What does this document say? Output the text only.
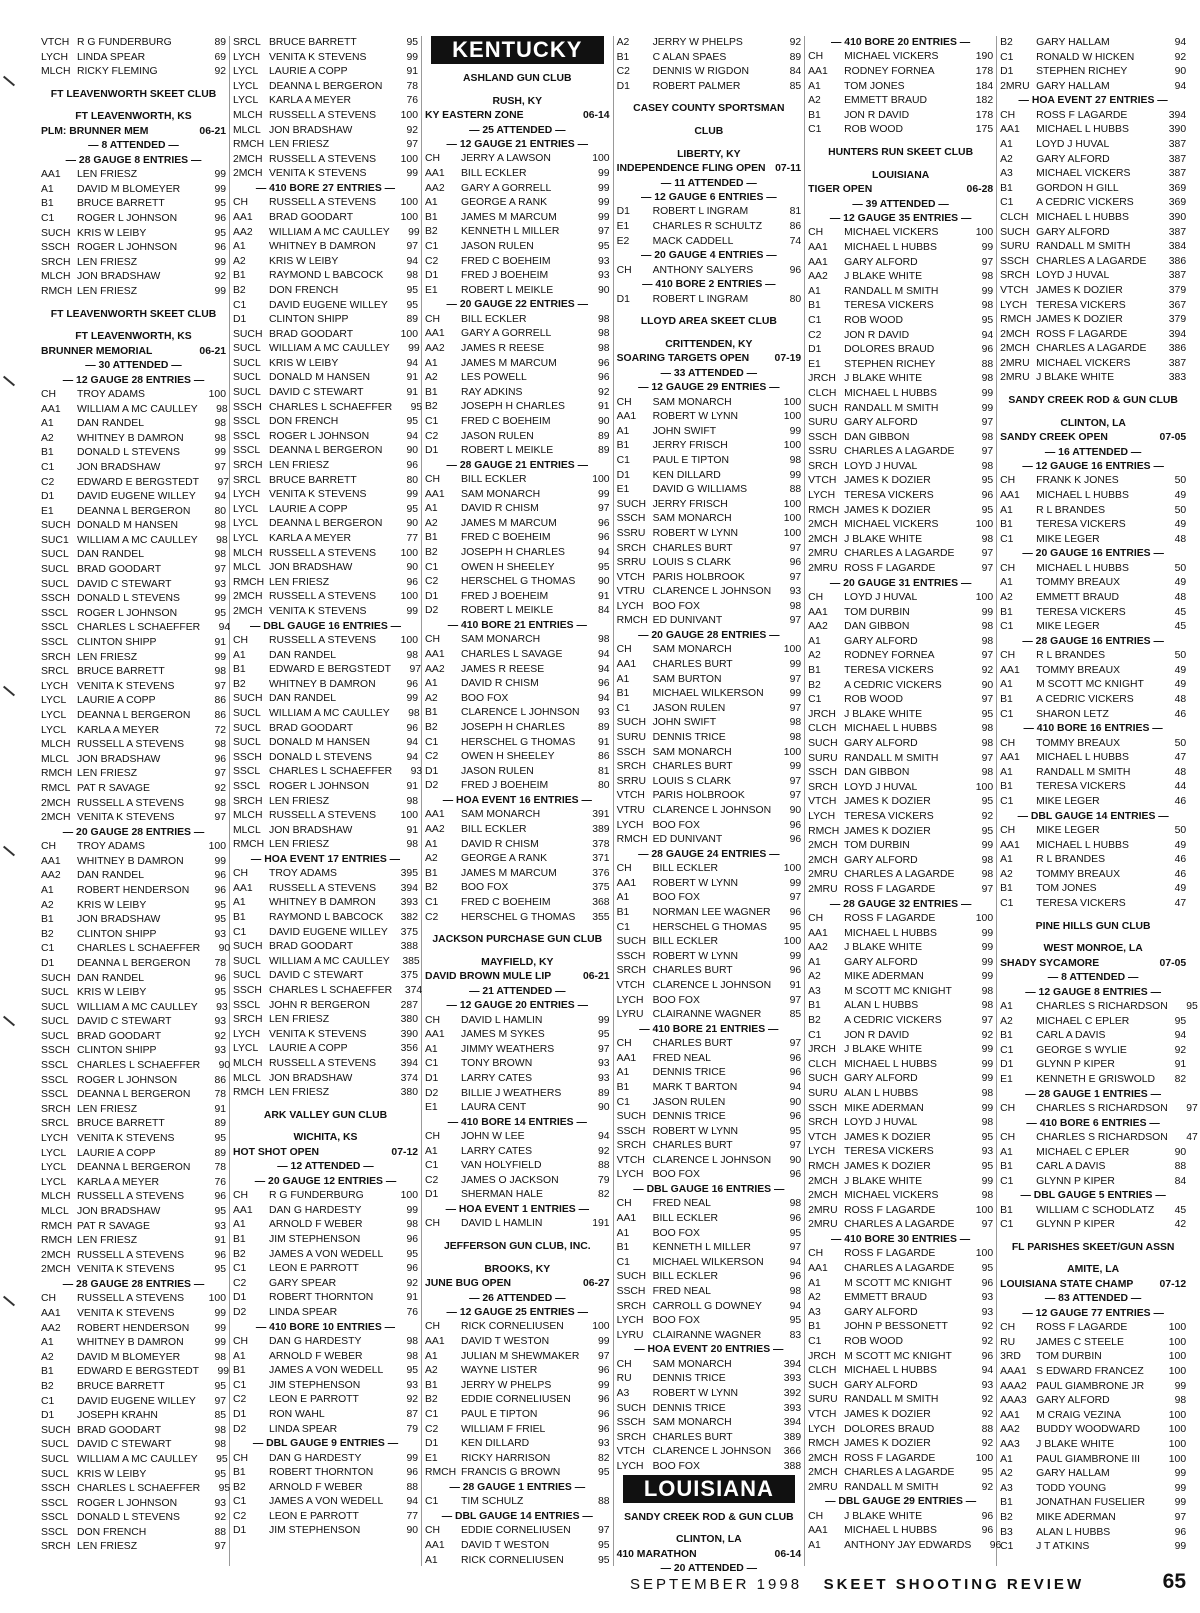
VTCH R G FUNDERBURG	89
LYCH LINDA SPEAR	69
MLCH RICKY FLEMING	92
FT LEAVENWORTH SKEET CLUB
FT LEAVENWORTH, KS
PLM: BRUNNER MEM	06-21
— 8 ATTENDED —
— 28 GAUGE 8 ENTRIES —
AA1	LEN FRIESZ	99
A1	DAVID M BLOMEYER	99
B1	BRUCE BARRETT	95
C1	ROGER L JOHNSON	96
SUCH KRIS W LEIBY	95
SSCH ROGER L JOHNSON	96
SRCH LEN FRIESZ	99
MLCH JON BRADSHAW	92
RMCH LEN FRIESZ	99
FT LEAVENWORTH SKEET CLUB
FT LEAVENWORTH, KS
BRUNNER MEMORIAL	06-21
— 30 ATTENDED —
— 12 GAUGE 28 ENTRIES —
CH	TROY ADAMS	100
AA1	WILLIAM A MC CAULLEY	98
A1	DAN RANDEL	98
A2	WHITNEY B DAMRON	98
B1	DONALD L STEVENS	99
C1	JON BRADSHAW	97
C2	EDWARD E BERGSTEDT	97
D1	DAVID EUGENE WILLEY	94
E1	DEANNA L BERGERON	80
SUCH DONALD M HANSEN	98
SUC1 WILLIAM A MC CAULLEY	98
SUCL DAN RANDEL	98
SUCL BRAD GOODART	97
SUCL DAVID C STEWART	93
SSCH DONALD L STEVENS	99
SSCL ROGER L JOHNSON	95
SSCL CHARLES L SCHAEFFER	94
SSCL CLINTON SHIPP	91
SRCH LEN FRIESZ	99
SRCL BRUCE BARRETT	98
LYCH VENITA K STEVENS	97
LYCL	LAURIE A COPP	86
LYCL	DEANNA L BERGERON	86
LYCL	KARLA A MEYER	72
MLCH RUSSELL A STEVENS	98
MLCL JON BRADSHAW	96
RMCH LEN FRIESZ	97
RMCL PAT R SAVAGE	92
2MCH RUSSELL A STEVENS	98
2MCH VENITA K STEVENS	97
— 20 GAUGE 28 ENTRIES —
CH	TROY ADAMS	100
AA1	WHITNEY B DAMRON	99
AA2	DAN RANDEL	96
A1	ROBERT HENDERSON	96
A2	KRIS W LEIBY	95
B1	JON BRADSHAW	95
B2	CLINTON SHIPP	93
C1	CHARLES L SCHAEFFER	90
D1	DEANNA L BERGERON	78
SUCH DAN RANDEL	96
SUCL KRIS W LEIBY	95
SUCL WILLIAM A MC CAULLEY	93
SUCL DAVID C STEWART	93
SUCL BRAD GOODART	92
SSCH CLINTON SHIPP	93
SSCL CHARLES L SCHAEFFER	90
SSCL ROGER L JOHNSON	86
SSCL DEANNA L BERGERON	78
SRCH LEN FRIESZ	91
SRCL BRUCE BARRETT	89
LYCH VENITA K STEVENS	95
LYCL	LAURIE A COPP	89
LYCL	DEANNA L BERGERON	78
LYCL	KARLA A MEYER	76
MLCH RUSSELL A STEVENS	96
MLCL JON BRADSHAW	95
RMCH PAT R SAVAGE	93
RMCH LEN FRIESZ	91
2MCH RUSSELL A STEVENS	96
2MCH VENITA K STEVENS	95
— 28 GAUGE 28 ENTRIES —
CH	RUSSELL A STEVENS	100
AA1	VENITA K STEVENS	99
AA2	ROBERT HENDERSON	99
A1	WHITNEY B DAMRON	99
A2	DAVID M BLOMEYER	98
B1	EDWARD E BERGSTEDT	99
B2	BRUCE BARRETT	95
C1	DAVID EUGENE WILLEY	97
D1	JOSEPH KRAHN	85
SUCH BRAD GOODART	98
SUCL DAVID C STEWART	98
SUCL WILLIAM A MC CAULLEY	95
SUCL KRIS W LEIBY	95
SSCH CHARLES L SCHAEFFER	95
SSCL ROGER L JOHNSON	93
SSCL DONALD L STEVENS	92
SSCL DON FRENCH	88
SRCH LEN FRIESZ	97
SRCL BRUCE BARRETT	95
LYCH VENITA K STEVENS	99
LYCL	LAURIE A COPP	91
LYCL	DEANNA L BERGERON	78
LYCL	KARLA A MEYER	76
MLCH RUSSELL A STEVENS	100
MLCL JON BRADSHAW	92
RMCH LEN FRIESZ	97
2MCH RUSSELL A STEVENS	100
2MCH VENITA K STEVENS	99
— 410 BORE 27 ENTRIES —
CH	RUSSELL A STEVENS	100
AA1	BRAD GOODART	100
AA2	WILLIAM A MC CAULLEY	99
A1	WHITNEY B DAMRON	97
A2	KRIS W LEIBY	94
B1	RAYMOND L BABCOCK	98
B2	DON FRENCH	95
C1	DAVID EUGENE WILLEY	95
D1	CLINTON SHIPP	89
SUCH BRAD GOODART	100
SUCL WILLIAM A MC CAULLEY	99
SUCL KRIS W LEIBY	94
SUCL DONALD M HANSEN	91
SUCL DAVID C STEWART	91
SSCH CHARLES L SCHAEFFER	95
SSCL DON FRENCH	95
SSCL ROGER L JOHNSON	94
SSCL DEANNA L BERGERON	90
SRCH LEN FRIESZ	96
SRCL BRUCE BARRETT	80
LYCH VENITA K STEVENS	99
LYCL	LAURIE A COPP	95
LYCL	DEANNA L BERGERON	90
LYCL	KARLA A MEYER	77
MLCH RUSSELL A STEVENS	100
MLCL JON BRADSHAW	90
RMCH LEN FRIESZ	96
2MCH RUSSELL A STEVENS	100
2MCH VENITA K STEVENS	99
— DBL GAUGE 16 ENTRIES —
CH	RUSSELL A STEVENS	100
A1	DAN RANDEL	98
B1	EDWARD E BERGSTEDT	97
B2	WHITNEY B DAMRON	96
SUCH DAN RANDEL	99
SUCL WILLIAM A MC CAULLEY	98
SUCL BRAD GOODART	96
SUCL DONALD M HANSEN	94
SSCH DONALD L STEVENS	94
SSCL CHARLES L SCHAEFFER	93
SSCL ROGER L JOHNSON	91
SRCH LEN FRIESZ	98
MLCH RUSSELL A STEVENS	100
MLCL JON BRADSHAW	91
RMCH LEN FRIESZ	98
— HOA EVENT 17 ENTRIES —
CH	TROY ADAMS	395
AA1	RUSSELL A STEVENS	394
A1	WHITNEY B DAMRON	393
B1	RAYMOND L BABCOCK	382
C1	DAVID EUGENE WILLEY	375
SUCH BRAD GOODART	388
SUCL WILLIAM A MC CAULLEY	385
SUCL DAVID C STEWART	375
SSCH CHARLES L SCHAEFFER	374
SSCL JOHN R BERGERON	287
SRCH LEN FRIESZ	380
LYCH VENITA K STEVENS	390
LYCL	LAURIE A COPP	356
MLCH RUSSELL A STEVENS	394
MLCL JON BRADSHAW	374
RMCH LEN FRIESZ	380
ARK VALLEY GUN CLUB
WICHITA, KS
HOT SHOT OPEN	07-12
— 12 ATTENDED —
— 20 GAUGE 12 ENTRIES —
CH	R G FUNDERBURG	100
AA1	DAN G HARDESTY	99
A1	ARNOLD F WEBER	98
B1	JIM STEPHENSON	96
B2	JAMES A VON WEDELL	95
C1	LEON E PARROTT	96
C2	GARY SPEAR	92
D1	ROBERT THORNTON	91
D2	LINDA SPEAR	76
— 410 BORE 10 ENTRIES —
CH	DAN G HARDESTY	98
A1	ARNOLD F WEBER	98
B1	JAMES A VON WEDELL	95
C1	JIM STEPHENSON	93
C2	LEON E PARROTT	92
D1	RON WAHL	87
D2	LINDA SPEAR	79
— DBL GAUGE 9 ENTRIES —
CH	DAN G HARDESTY	99
B1	ROBERT THORNTON	96
B2	ARNOLD F WEBER	88
C1	JAMES A VON WEDELL	94
C2	LEON E PARROTT	77
D1	JIM STEPHENSON	90
KENTUCKY
ASHLAND GUN CLUB
RUSH, KY
KY EASTERN ZONE	06-14
— 25 ATTENDED —
— 12 GAUGE 21 ENTRIES —
CH	JERRY A LAWSON	100
AA1	BILL ECKLER	99
AA2	GARY A GORRELL	99
A1	GEORGE A RANK	99
B1	JAMES M MARCUM	99
B2	KENNETH L MILLER	97
C1	JASON RULEN	95
C2	FRED C BOEHEIM	93
D1	FRED J BOEHEIM	93
E1	ROBERT L MEIKLE	90
— 20 GAUGE 22 ENTRIES —
CH	BILL ECKLER	98
AA1	GARY A GORRELL	98
AA2	JAMES R REESE	98
A1	JAMES M MARCUM	96
A2	LES POWELL	96
B1	RAY ADKINS	92
B2	JOSEPH H CHARLES	91
C1	FRED C BOEHEIM	90
C2	JASON RULEN	89
D1	ROBERT L MEIKLE	89
— 28 GAUGE 21 ENTRIES —
CH	BILL ECKLER	100
AA1	SAM MONARCH	99
A1	DAVID R CHISM	97
A2	JAMES M MARCUM	96
B1	FRED C BOEHEIM	96
B2	JOSEPH H CHARLES	94
C1	OWEN H SHEELEY	95
C2	HERSCHEL G THOMAS	90
D1	FRED J BOEHEIM	91
D2	ROBERT L MEIKLE	84
— 410 BORE 21 ENTRIES —
CH	SAM MONARCH	98
AA1	CHARLES L SAVAGE	94
AA2	JAMES R REESE	94
A1	DAVID R CHISM	96
A2	BOO FOX	94
B1	CLARENCE L JOHNSON	93
B2	JOSEPH H CHARLES	89
C1	HERSCHEL G THOMAS	91
C2	OWEN H SHEELEY	86
D1	JASON RULEN	81
D2	FRED J BOEHEIM	80
— HOA EVENT 16 ENTRIES —
AA1	SAM MONARCH	391
AA2	BILL ECKLER	389
A1	DAVID R CHISM	378
A2	GEORGE A RANK	371
B1	JAMES M MARCUM	376
B2	BOO FOX	375
C1	FRED C BOEHEIM	368
C2	HERSCHEL G THOMAS	355
JACKSON PURCHASE GUN CLUB
MAYFIELD, KY
DAVID BROWN MULE LIP	06-21
— 21 ATTENDED —
— 12 GAUGE 20 ENTRIES —
CH	DAVID L HAMLIN	99
AA1	JAMES M SYKES	95
A1	JIMMY WEATHERS	97
C1	TONY BROWN	93
D1	LARRY CATES	93
D2	BILLIE J WEATHERS	89
E1	LAURA CENT	90
— 410 BORE 14 ENTRIES —
CH	JOHN W LEE	94
A1	LARRY CATES	92
C1	VAN HOLYFIELD	88
C2	JAMES O JACKSON	79
D1	SHERMAN HALE	82
— HOA EVENT 1 ENTRIES —
CH	DAVID L HAMLIN	191
JEFFERSON GUN CLUB, INC.
BROOKS, KY
JUNE BUG OPEN	06-27
— 26 ATTENDED —
— 12 GAUGE 25 ENTRIES —
CH	RICK CORNELIUSEN	100
AA1	DAVID T WESTON	99
A1	JULIAN M SHEWMAKER	97
A2	WAYNE LISTER	96
B1	JERRY W PHELPS	99
B2	EDDIE CORNELIUSEN	96
C1	PAUL E TIPTON	96
C2	WILLIAM F FRIEL	96
D1	KEN DILLARD	93
E1	RICKY HARRISON	82
RMCH FRANCIS G BROWN	95
— 28 GAUGE 1 ENTRIES —
C1	TIM SCHULZ	88
— DBL GAUGE 14 ENTRIES —
CH	EDDIE CORNELIUSEN	97
AA1	DAVID T WESTON	95
A1	RICK CORNELIUSEN	95
A2	JERRY W PHELPS	92
B1	C ALAN SPAES	89
C2	DENNIS W RIGDON	84
D1	ROBERT PALMER	85
CASEY COUNTY SPORTSMAN
CLUB
LIBERTY, KY
INDEPENDENCE FLING OPEN 07-11
— 11 ATTENDED —
— 12 GAUGE 6 ENTRIES —
D1	ROBERT L INGRAM	81
E1	CHARLES R SCHULTZ	86
E2	MACK CADDELL	74
— 20 GAUGE 4 ENTRIES —
CH	ANTHONY SALYERS	96
— 410 BORE 2 ENTRIES —
D1	ROBERT L INGRAM	80
LLOYD AREA SKEET CLUB
CRITTENDEN, KY
SOARING TARGETS OPEN 07-19
— 33 ATTENDED —
— 12 GAUGE 29 ENTRIES —
CH	SAM MONARCH	100
AA1	ROBERT W LYNN	100
A1	JOHN SWIFT	99
B1	JERRY FRISCH	100
C1	PAUL E TIPTON	98
D1	KEN DILLARD	99
E1	DAVID G WILLIAMS	88
SUCH JERRY FRISCH	100
SSCH SAM MONARCH	100
SSRU ROBERT W LYNN	100
SRCH CHARLES BURT	97
SRRU LOUIS S CLARK	96
VTCH PARIS HOLBROOK	97
VTRU CLARENCE L JOHNSON	93
LYCH BOO FOX	98
RMCH ED DUNIVANT	97
— 20 GAUGE 28 ENTRIES —
CH	SAM MONARCH	100
AA1	CHARLES BURT	99
A1	SAM BURTON	97
B1	MICHAEL WILKERSON	99
C1	JASON RULEN	97
SUCH JOHN SWIFT	98
SURU DENNIS TRICE	98
SSCH SAM MONARCH	100
SRCH CHARLES BURT	99
SRRU LOUIS S CLARK	97
VTCH PARIS HOLBROOK	97
VTRU CLARENCE L JOHNSON	90
LYCH BOO FOX	96
RMCH ED DUNIVANT	96
— 28 GAUGE 24 ENTRIES —
CH	BILL ECKLER	100
AA1	ROBERT W LYNN	99
A1	BOO FOX	97
B1	NORMAN LEE WAGNER	96
C1	HERSCHEL G THOMAS	95
SUCH BILL ECKLER	100
SSCH ROBERT W LYNN	99
SRCH CHARLES BURT	96
VTCH CLARENCE L JOHNSON	91
LYCH BOO FOX	97
LYRU CLAIRANNE WAGNER	85
— 410 BORE 21 ENTRIES —
CH	CHARLES BURT	97
AA1	FRED NEAL	96
A1	DENNIS TRICE	96
B1	MARK T BARTON	94
C1	JASON RULEN	90
SUCH DENNIS TRICE	96
SSCH ROBERT W LYNN	95
SRCH CHARLES BURT	97
VTCH CLARENCE L JOHNSON	90
LYCH BOO FOX	96
— DBL GAUGE 16 ENTRIES —
CH	FRED NEAL	98
AA1	BILL ECKLER	96
A1	BOO FOX	95
B1	KENNETH L MILLER	97
C1	MICHAEL WILKERSON	94
SUCH BILL ECKLER	96
SSCH FRED NEAL	98
SRCH CARROLL G DOWNEY	94
LYCH BOO FOX	95
LYRU CLAIRANNE WAGNER	83
— HOA EVENT 20 ENTRIES —
CH	SAM MONARCH	394
RU	DENNIS TRICE	393
A3	ROBERT W LYNN	392
SUCH DENNIS TRICE	393
SSCH SAM MONARCH	394
SRCH CHARLES BURT	389
VTCH CLARENCE L JOHNSON	366
LYCH BOO FOX	388
LOUISIANA
SANDY CREEK ROD & GUN CLUB
CLINTON, LA
410 MARATHON	06-14
— 20 ATTENDED —
— 410 BORE 20 ENTRIES —
CH	MICHAEL VICKERS	190
AA1	RODNEY FORNEA	178
A1	TOM JONES	184
A2	EMMETT BRAUD	182
B1	JON R DAVID	178
C1	ROB WOOD	175
HUNTERS RUN SKEET CLUB
LOUISIANA
TIGER OPEN	06-28
— 39 ATTENDED —
— 12 GAUGE 35 ENTRIES —
CH	MICHAEL VICKERS	100
AA1	MICHAEL L HUBBS	99
AA1	GARY ALFORD	97
AA2	J BLAKE WHITE	98
A1	RANDALL M SMITH	99
B1	TERESA VICKERS	98
C1	ROB WOOD	95
C2	JON R DAVID	94
D1	DOLORES BRAUD	96
E1	STEPHEN RICHEY	88
JRCH J BLAKE WHITE	98
CLCH MICHAEL L HUBBS	99
SUCH RANDALL M SMITH	99
SURU GARY ALFORD	97
SSCH DAN GIBBON	98
SSRU CHARLES A LAGARDE	97
SRCH LOYD J HUVAL	98
VTCH JAMES K DOZIER	95
LYCH TERESA VICKERS	96
RMCH JAMES K DOZIER	95
2MCH MICHAEL VICKERS	100
2MCH J BLAKE WHITE	98
2MRU CHARLES A LAGARDE	97
2MRU ROSS F LAGARDE	97
— 20 GAUGE 31 ENTRIES —
CH	LOYD J HUVAL	100
AA1	TOM DURBIN	99
AA2	DAN GIBBON	98
A1	GARY ALFORD	98
A2	RODNEY FORNEA	97
B1	TERESA VICKERS	92
B2	A CEDRIC VICKERS	90
C1	ROB WOOD	97
JRCH J BLAKE WHITE	95
CLCH MICHAEL L HUBBS	98
SUCH GARY ALFORD	98
SURU RANDALL M SMITH	97
SSCH DAN GIBBON	98
SRCH LOYD J HUVAL	100
VTCH JAMES K DOZIER	95
LYCH TERESA VICKERS	92
RMCH JAMES K DOZIER	95
2MCH TOM DURBIN	99
2MCH GARY ALFORD	98
2MRU CHARLES A LAGARDE	98
2MRU ROSS F LAGARDE	97
— 28 GAUGE 32 ENTRIES —
CH	ROSS F LAGARDE	100
AA1	MICHAEL L HUBBS	99
AA2	J BLAKE WHITE	99
A1	GARY ALFORD	99
A2	MIKE ADERMAN	99
A3	M SCOTT MC KNIGHT	98
B1	ALAN L HUBBS	98
B2	A CEDRIC VICKERS	97
C1	JON R DAVID	92
JRCH J BLAKE WHITE	99
CLCH MICHAEL L HUBBS	99
SUCH GARY ALFORD	99
SURU ALAN L HUBBS	98
SSCH MIKE ADERMAN	99
SRCH LOYD J HUVAL	98
VTCH JAMES K DOZIER	95
LYCH TERESA VICKERS	93
RMCH JAMES K DOZIER	95
2MCH J BLAKE WHITE	99
2MCH MICHAEL VICKERS	98
2MRU ROSS F LAGARDE	100
2MRU CHARLES A LAGARDE	97
— 410 BORE 30 ENTRIES —
CH	ROSS F LAGARDE	100
AA1	CHARLES A LAGARDE	95
A1	M SCOTT MC KNIGHT	96
A2	EMMETT BRAUD	93
A3	GARY ALFORD	93
B1	JOHN P BESSONETT	92
C1	ROB WOOD	92
JRCH M SCOTT MC KNIGHT	96
CLCH MICHAEL L HUBBS	94
SUCH GARY ALFORD	93
SURU RANDALL M SMITH	92
VTCH JAMES K DOZIER	92
LYCH DOLORES BRAUD	88
RMCH JAMES K DOZIER	92
2MCH ROSS F LAGARDE	100
2MCH CHARLES A LAGARDE	95
2MRU RANDALL M SMITH	92
— DBL GAUGE 29 ENTRIES —
CH	J BLAKE WHITE	96
AA1	MICHAEL L HUBBS	96
A1	ANTHONY JAY EDWARDS	96
B2	GARY HALLAM	94
C1	RONALD W HICKEN	92
D1	STEPHEN RICHEY	90
2MRU GARY HALLAM	94
— HOA EVENT 27 ENTRIES —
CH	ROSS F LAGARDE	394
AA1	MICHAEL L HUBBS	390
A1	LOYD J HUVAL	387
A2	GARY ALFORD	387
A3	MICHAEL VICKERS	387
B1	GORDON H GILL	369
C1	A CEDRIC VICKERS	369
CLCH MICHAEL L HUBBS	390
SUCH GARY ALFORD	387
SURU RANDALL M SMITH	384
SSCH CHARLES A LAGARDE	386
SRCH LOYD J HUVAL	387
VTCH JAMES K DOZIER	379
LYCH TERESA VICKERS	367
RMCH JAMES K DOZIER	379
2MCH ROSS F LAGARDE	394
2MCH CHARLES A LAGARDE	386
2MRU MICHAEL VICKERS	387
2MRU J BLAKE WHITE	383
SANDY CREEK ROD & GUN CLUB
CLINTON, LA
SANDY CREEK OPEN	07-05
— 16 ATTENDED —
— 12 GAUGE 16 ENTRIES —
CH	FRANK K JONES	50
AA1	MICHAEL L HUBBS	49
A1	R L BRANDES	50
B1	TERESA VICKERS	49
C1	MIKE LEGER	48
— 20 GAUGE 16 ENTRIES —
CH	MICHAEL L HUBBS	50
A1	TOMMY BREAUX	49
A2	EMMETT BRAUD	48
B1	TERESA VICKERS	45
C1	MIKE LEGER	45
— 28 GAUGE 16 ENTRIES —
CH	R L BRANDES	50
AA1	TOMMY BREAUX	49
A1	M SCOTT MC KNIGHT	49
B1	A CEDRIC VICKERS	48
C1	SHARON LETZ	46
— 410 BORE 16 ENTRIES —
CH	TOMMY BREAUX	50
AA1	MICHAEL L HUBBS	47
A1	RANDALL M SMITH	48
B1	TERESA VICKERS	44
C1	MIKE LEGER	46
— DBL GAUGE 14 ENTRIES —
CH	MIKE LEGER	50
AA1	MICHAEL L HUBBS	49
A1	R L BRANDES	46
A2	TOMMY BREAUX	46
B1	TOM JONES	49
C1	TERESA VICKERS	47
PINE HILLS GUN CLUB
WEST MONROE, LA
SHADY SYCAMORE	07-05
— 8 ATTENDED —
— 12 GAUGE 8 ENTRIES —
A1	CHARLES S RICHARDSON	95
A2	MICHAEL C EPLER	95
B1	CARL A DAVIS	94
C1	GEORGE S WYLIE	92
D1	GLYNN P KIPER	91
E1	KENNETH E GRISWOLD	82
— 28 GAUGE 1 ENTRIES —
CH	CHARLES S RICHARDSON	97
— 410 BORE 6 ENTRIES —
CH	CHARLES S RICHARDSON	47
A1	MICHAEL C EPLER	90
B1	CARL A DAVIS	88
C1	GLYNN P KIPER	84
— DBL GAUGE 5 ENTRIES —
B1	WILLIAM C SCHODLATZ	45
C1	GLYNN P KIPER	42
FL PARISHES SKEET/GUN ASSN
AMITE, LA
LOUISIANA STATE CHAMP	07-12
— 83 ATTENDED —
— 12 GAUGE 77 ENTRIES —
CH	ROSS F LAGARDE	100
RU	JAMES C STEELE	100
3RD	TOM DURBIN	100
AAA1 S EDWARD FRANCEZ	100
AAA2 PAUL GIAMBRONE JR	99
AAA3 GARY ALFORD	98
AA1	M CRAIG VEZINA	100
AA2	BUDDY WOODWARD	100
AA3	J BLAKE WHITE	100
A1	PAUL GIAMBRONE III	100
A2	GARY HALLAM	99
A3	TODD YOUNG	99
B1	JONATHAN FUSELIER	99
B2	MIKE ADERMAN	97
B3	ALAN L HUBBS	96
C1	J T ATKINS	99
SEPTEMBER 1998 SKEET SHOOTING REVIEW	65
